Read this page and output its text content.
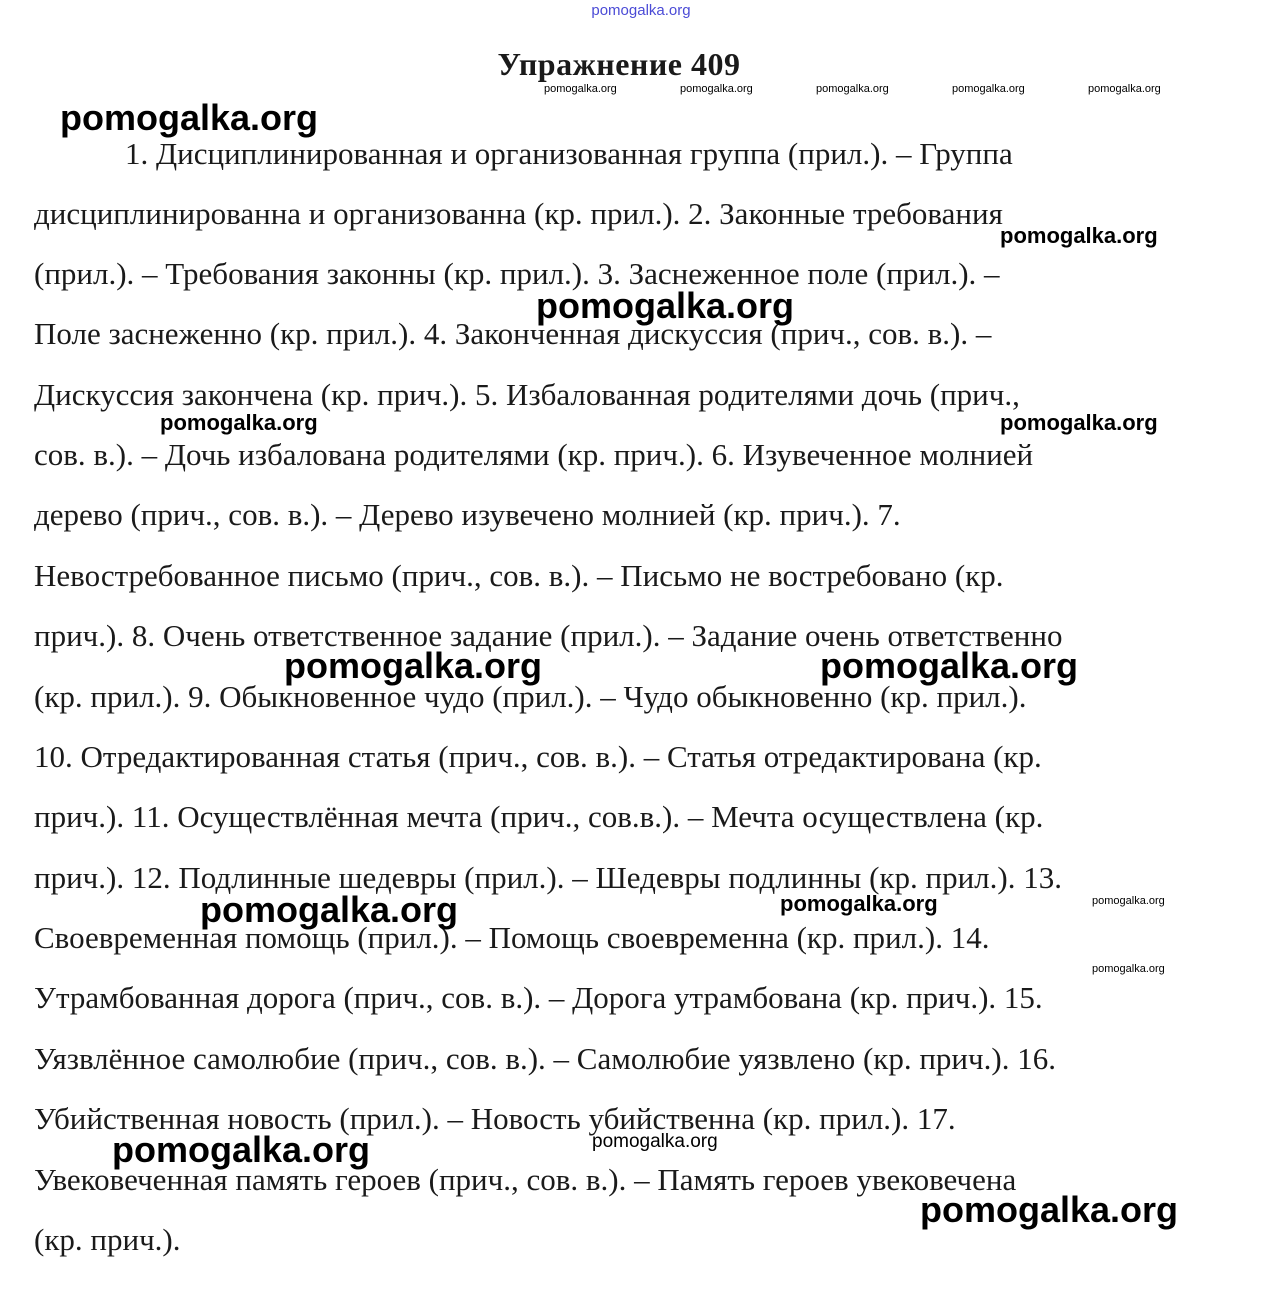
pomogalka.org
Упражнение 409
1. Дисциплинированная и организованная группа (прил.). – Группа
дисциплинированна и организованна (кр. прил.). 2. Законные требования
(прил.). – Требования законны (кр. прил.). 3. Заснеженное поле (прил.). –
Поле заснеженно (кр. прил.). 4. Законченная дискуссия (прич., сов. в.). –
Дискуссия закончена (кр. прич.). 5. Избалованная родителями дочь (прич.,
сов. в.). – Дочь избалована родителями (кр. прич.). 6. Изувеченное молнией
дерево (прич., сов. в.). – Дерево изувечено молнией (кр. прич.). 7.
Невостребованное письмо (прич., сов. в.). – Письмо не востребовано (кр.
прич.). 8. Очень ответственное задание (прил.). – Задание очень ответственно
(кр. прил.). 9. Обыкновенное чудо (прил.). – Чудо обыкновенно (кр. прил.).
10. Отредактированная статья (прич., сов. в.). – Статья отредактирована (кр.
прич.). 11. Осуществлённая мечта (прич., сов.в.). – Мечта осуществлена (кр.
прич.). 12. Подлинные шедевры (прил.). – Шедевры подлинны (кр. прил.). 13.
Своевременная помощь (прил.). – Помощь своевременна (кр. прил.). 14.
Утрамбованная дорога (прич., сов. в.). – Дорога утрамбована (кр. прич.). 15.
Уязвлённое самолюбие (прич., сов. в.). – Самолюбие уязвлено (кр. прич.). 16.
Убийственная новость (прил.). – Новость убийственна (кр. прил.). 17.
Увековеченная память героев (прич., сов. в.). – Память героев увековечена
(кр. прич.).
pomogalka.org	pomogalka.org	pomogalka.org	pomogalka.org	pomogalka.org
pomogalka.org
pomogalka.org
pomogalka.org
pomogalka.org	pomogalka.org
pomogalka.org	pomogalka.org
pomogalka.org	pomogalka.org	pomogalka.org
pomogalka.org
pomogalka.org	pomogalka.org
pomogalka.org
